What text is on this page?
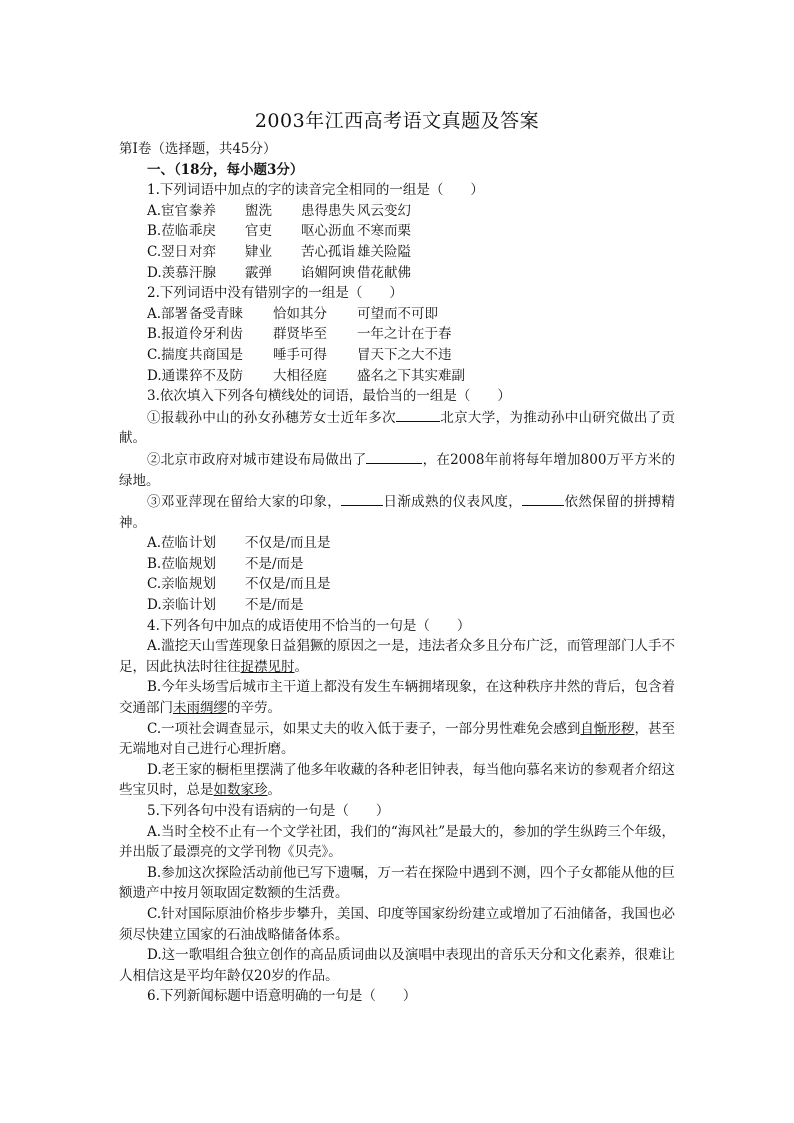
2003年江西高考语文真题及答案
第Ⅰ卷（选择题，共45分）
一、（18分，每小题3分）
1.下列词语中加点的字的读音完全相同的一组是（　　）
A.宦官 豢养	盥洗	患得患失 风云变幻
B.莅临 乖戾	官吏	呕心沥血 不寒而栗
C.翌日 对弈	肄业	苦心孤诣 雄关险隘
D.羡慕 汗腺	霰弹	谄媚阿谀 借花献佛
2.下列词语中没有错别字的一组是（　　）
A.部署 备受青睐	恰如其分	可望而不可即
B.报道 伶牙利齿	群贤毕至	一年之计在于春
C.揣度 共商国是	唾手可得	冒天下之大不违
D.通谍 猝不及防	大相径庭	盛名之下其实难副
3.依次填入下列各句横线处的词语，最恰当的一组是（　　）
①报载孙中山的孙女孙穗芳女士近年多次	北京大学，为推动孙中山研究做出了贡献。
②北京市政府对城市建设布局做出了	，在2008年前将每年增加800万平方米的绿地。
③邓亚萍现在留给大家的印象，	日渐成熟的仪表风度，	依然保留的拼搏精神。
A.莅临 计划	不仅是/而且是
B.莅临 规划	不是/而是
C.亲临 规划	不仅是/而且是
D.亲临 计划	不是/而是
4.下列各句中加点的成语使用不恰当的一句是（　　）
A.滥挖天山雪莲现象日益猖獗的原因之一是，违法者众多且分布广泛，而管理部门人手不足，因此执法时往往捉襟见肘。
B.今年头场雪后城市主干道上都没有发生车辆拥堵现象，在这种秩序井然的背后，包含着交通部门未雨绸缪的辛劳。
C.一项社会调查显示，如果丈夫的收入低于妻子，一部分男性难免会感到自惭形秽，甚至无端地对自己进行心理折磨。
D.老王家的橱柜里摆满了他多年收藏的各种老旧钟表，每当他向慕名来访的参观者介绍这些宝贝时，总是如数家珍。
5.下列各句中没有语病的一句是（　　）
A.当时全校不止有一个文学社团，我们的“海风社”是最大的，参加的学生纵跨三个年级，并出版了最漂亮的文学刊物《贝壳》。
B.参加这次探险活动前他已写下遗嘱，万一若在探险中遇到不测，四个子女都能从他的巨额遗产中按月领取固定数额的生活费。
C.针对国际原油价格步步攀升，美国、印度等国家纷纷建立或增加了石油储备，我国也必须尽快建立国家的石油战略储备体系。
D.这一歌唱组合独立创作的高品质词曲以及演唱中表现出的音乐天分和文化素养，很难让人相信这是平均年龄仅20岁的作品。
6.下列新闻标题中语意明确的一句是（　　）
